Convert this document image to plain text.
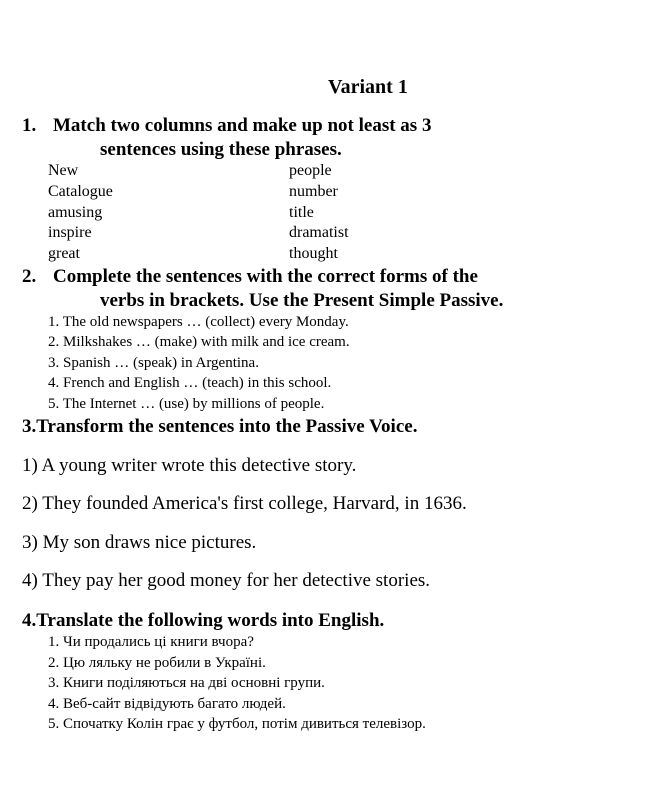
Variant 1
1. Match two columns and make up not least as 3
sentences using these phrases.
New
Catalogue
amusing
inspire
great
people
number
title
dramatist
thought
2. Complete the sentences with the correct forms of the
verbs in brackets. Use the Present Simple Passive.
1. The old newspapers … (collect) every Monday.
2. Milkshakes … (make) with milk and ice cream.
3. Spanish … (speak) in Argentina.
4. French and English … (teach) in this school.
5. The Internet … (use) by millions of people.
3.Transform the sentences into the Passive Voice.
1) A young writer wrote this detective story.
2) They founded America's first college, Harvard, in 1636.
3) My son draws nice pictures.
4) They pay her good money for her detective stories.
4.Translate the following words into English.
1. Чи продались ці книги вчора?
2. Цю ляльку не робили в Україні.
3. Книги поділяються на дві основні групи.
4. Веб-сайт відвідують багато людей.
5. Спочатку Колін грає у футбол, потім дивиться телевізор.
